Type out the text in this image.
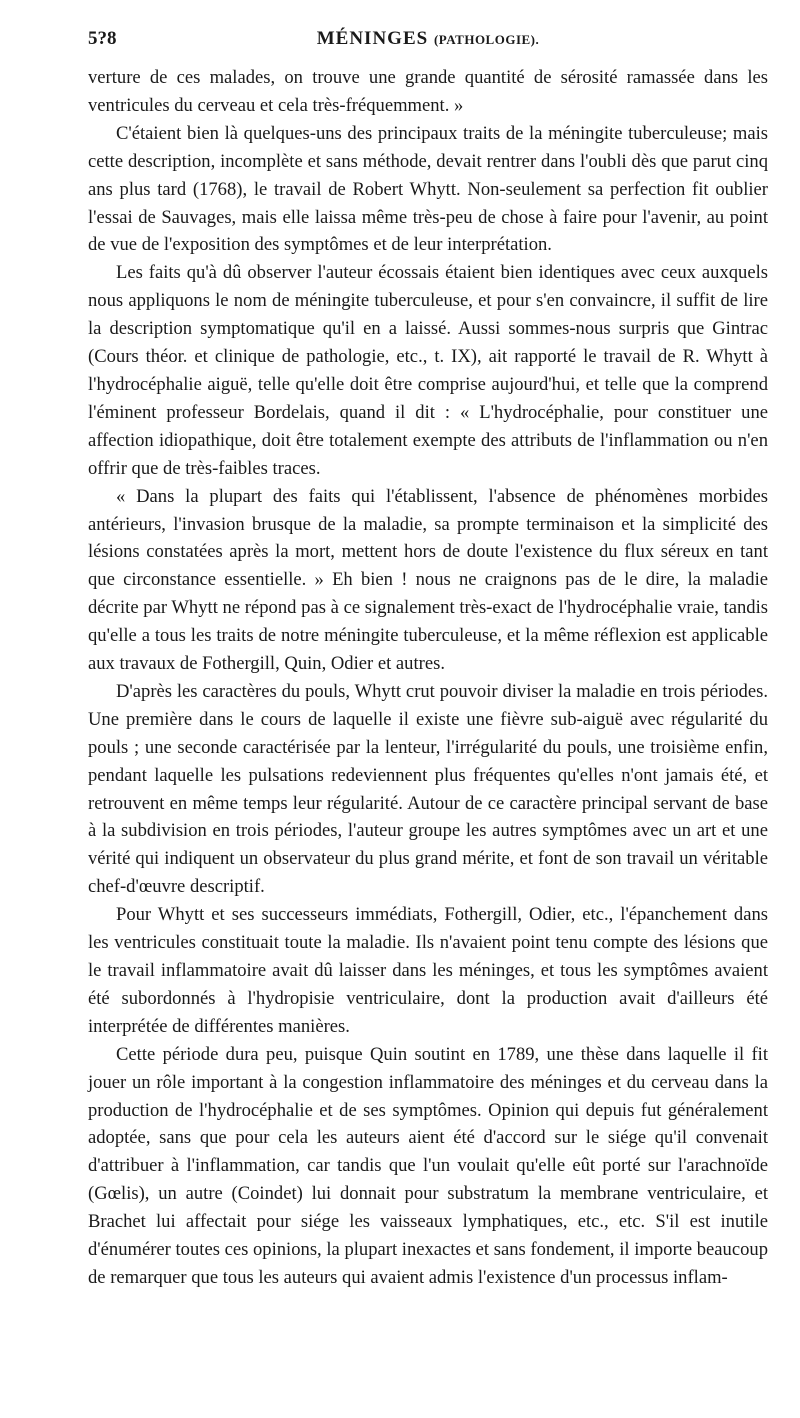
5?8	MÉNINGES (PATHOLOGIE).

verture de ces malades, on trouve une grande quantité de sérosité ramassée dans les ventricules du cerveau et cela très-fréquemment. »

C'étaient bien là quelques-uns des principaux traits de la méningite tuberculeuse; mais cette description, incomplète et sans méthode, devait rentrer dans l'oubli dès que parut cinq ans plus tard (1768), le travail de Robert Whytt. Non-seulement sa perfection fit oublier l'essai de Sauvages, mais elle laissa même très-peu de chose à faire pour l'avenir, au point de vue de l'exposition des symptômes et de leur interprétation.

Les faits qu'à dû observer l'auteur écossais étaient bien identiques avec ceux auxquels nous appliquons le nom de méningite tuberculeuse, et pour s'en convaincre, il suffit de lire la description symptomatique qu'il en a laissé. Aussi sommes-nous surpris que Gintrac (Cours théor. et clinique de pathologie, etc., t. IX), ait rapporté le travail de R. Whytt à l'hydrocéphalie aiguë, telle qu'elle doit être comprise aujourd'hui, et telle que la comprend l'éminent professeur Bordelais, quand il dit : « L'hydrocéphalie, pour constituer une affection idiopathique, doit être totalement exempte des attributs de l'inflammation ou n'en offrir que de très-faibles traces.

« Dans la plupart des faits qui l'établissent, l'absence de phénomènes morbides antérieurs, l'invasion brusque de la maladie, sa prompte terminaison et la simplicité des lésions constatées après la mort, mettent hors de doute l'existence du flux séreux en tant que circonstance essentielle. » Eh bien ! nous ne craignons pas de le dire, la maladie décrite par Whytt ne répond pas à ce signalement très-exact de l'hydrocéphalie vraie, tandis qu'elle a tous les traits de notre méningite tuberculeuse, et la même réflexion est applicable aux travaux de Fothergill, Quin, Odier et autres.

D'après les caractères du pouls, Whytt crut pouvoir diviser la maladie en trois périodes. Une première dans le cours de laquelle il existe une fièvre sub-aiguë avec régularité du pouls ; une seconde caractérisée par la lenteur, l'irrégularité du pouls, une troisième enfin, pendant laquelle les pulsations redeviennent plus fréquentes qu'elles n'ont jamais été, et retrouvent en même temps leur régularité. Autour de ce caractère principal servant de base à la subdivision en trois périodes, l'auteur groupe les autres symptômes avec un art et une vérité qui indiquent un observateur du plus grand mérite, et font de son travail un véritable chef-d'œuvre descriptif.

Pour Whytt et ses successeurs immédiats, Fothergill, Odier, etc., l'épanchement dans les ventricules constituait toute la maladie. Ils n'avaient point tenu compte des lésions que le travail inflammatoire avait dû laisser dans les méninges, et tous les symptômes avaient été subordonnés à l'hydropisie ventriculaire, dont la production avait d'ailleurs été interprétée de différentes manières.

Cette période dura peu, puisque Quin soutint en 1789, une thèse dans laquelle il fit jouer un rôle important à la congestion inflammatoire des méninges et du cerveau dans la production de l'hydrocéphalie et de ses symptômes. Opinion qui depuis fut généralement adoptée, sans que pour cela les auteurs aient été d'accord sur le siége qu'il convenait d'attribuer à l'inflammation, car tandis que l'un voulait qu'elle eût porté sur l'arachnoïde (Gœlis), un autre (Coindet) lui donnait pour substratum la membrane ventriculaire, et Brachet lui affectait pour siége les vaisseaux lymphatiques, etc., etc. S'il est inutile d'énumérer toutes ces opinions, la plupart inexactes et sans fondement, il importe beaucoup de remarquer que tous les auteurs qui avaient admis l'existence d'un processus inflam-
